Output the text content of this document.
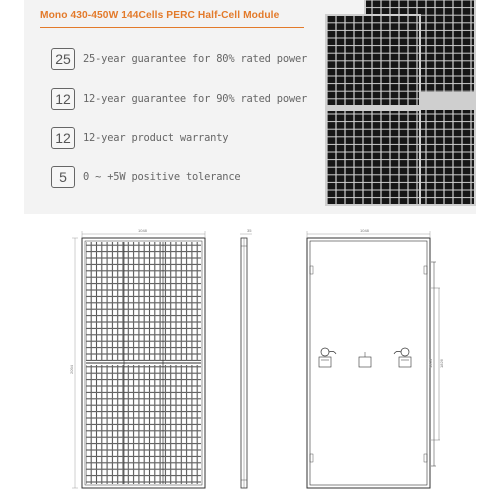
Mono 430-450W 144Cells PERC Half-Cell Module
25	25-year guarantee for 80% rated power
12	12-year guarantee for 90% rated power
12	12-year product warranty
5	0 ~ +5W positive tolerance
1048
2094
35	1048
1094 1826
